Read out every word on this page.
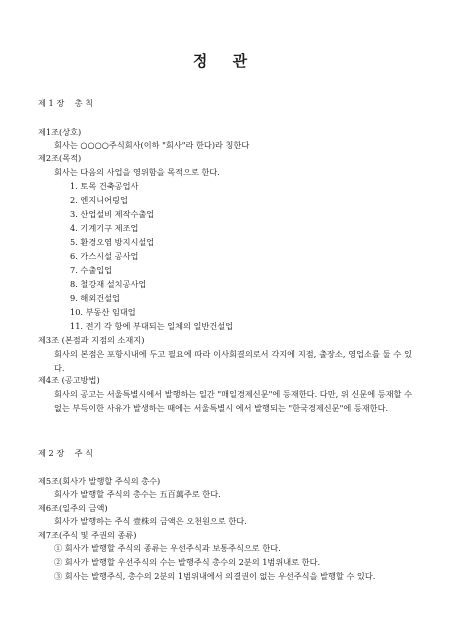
정 관
제 1 장 총 칙
제1조(상호)
회사는 ○○○○주식회사(이하 "회사"라 한다)라 칭한다
제2조(목적)
회사는 다음의 사업을 영위함을 목적으로 한다.
1. 토목 건축공업사
2. 엔지니어링업
3. 산업설비 제작수출업
4. 기계기구 제조업
5. 환경오염 방지시설업
6. 가스시설 공사업
7. 수출입업
8. 철강재 설치공사업
9. 해외건설업
10. 부동산 임대업
11. 전기 각 항에 부대되는 일체의 일반건설업
제3조 (본점과 지점의 소재지)
회사의 본점은 포항시내에 두고 필요에 따라 이사회결의로서 각지에 지점, 출장소, 영업소를 둘 수 있다.
제4조 (공고방법)
회사의 공고는 서울특별시에서 발행하는 일간 "매일경제신문"에 등재한다. 다만, 위 신문에 등재할 수 없는 부득이한 사유가 발생하는 때에는 서울특별시 에서 발행되는 "한국경제신문"에 등재한다.
제 2 장 주 식
제5조(회사가 발행할 주식의 총수)
회사가 발행할 주식의 총수는 五百萬주로 한다.
제6조(일주의 금액)
회사가 발행하는 주식 壹株의 금액은 오천원으로 한다.
제7조(주식 및 주권의 종류)
① 회사가 발행할 주식의 종류는 우선주식과 보통주식으로 한다.
② 회사가 발행할 우선주식의 수는 발행주식 총수의 2분의 1범위내로 한다.
③ 회사는 발행주식, 총수의 2분의 1범위내에서 의결권이 없는 우선주식을 발행할 수 있다.
